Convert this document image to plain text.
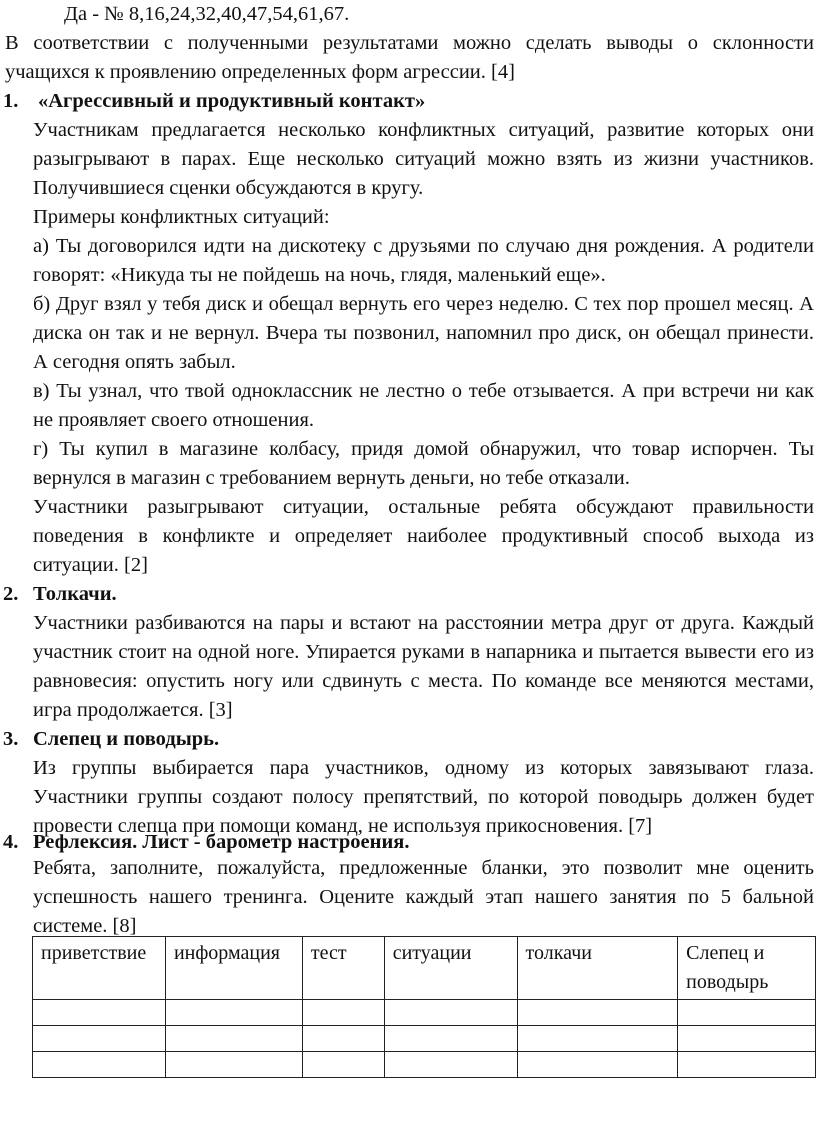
Да - № 8,16,24,32,40,47,54,61,67.

В соответствии с полученными результатами можно сделать выводы о склонности учащихся к проявлению определенных форм агрессии. [4]

1. «Агрессивный и продуктивный контакт»

Участникам предлагается несколько конфликтных ситуаций, развитие которых они разыгрывают в парах. Еще несколько ситуаций можно взять из жизни участников. Получившиеся сценки обсуждаются в кругу.

Примеры конфликтных ситуаций:

а) Ты договорился идти на дискотеку с друзьями по случаю дня рождения. А родители говорят: «Никуда ты не пойдешь на ночь, глядя, маленький еще».

б) Друг взял у тебя диск и обещал вернуть его через неделю. С тех пор прошел месяц. А диска он так и не вернул. Вчера ты позвонил, напомнил про диск, он обещал принести. А сегодня опять забыл.

в) Ты узнал, что твой одноклассник не лестно о тебе отзывается. А при встречи ни как не проявляет своего отношения.

г) Ты купил в магазине колбасу, придя домой обнаружил, что товар испорчен. Ты вернулся в магазин с требованием вернуть деньги, но тебе отказали.

Участники разыгрывают ситуации, остальные ребята обсуждают правильности поведения в конфликте и определяет наиболее продуктивный способ выхода из ситуации. [2]

2. Толкачи.

Участники разбиваются на пары и встают на расстоянии метра друг от друга. Каждый участник стоит на одной ноге. Упирается руками в напарника и пытается вывести его из равновесия: опустить ногу или сдвинуть с места. По команде все меняются местами, игра продолжается. [3]

3. Слепец и поводырь.

Из группы выбирается пара участников, одному из которых завязывают глаза. Участники группы создают полосу препятствий, по которой поводырь должен будет провести слепца при помощи команд, не используя прикосновения. [7]

4. Рефлексия. Лист - барометр настроения.

Ребята, заполните, пожалуйста, предложенные бланки, это позволит мне оценить успешность нашего тренинга. Оцените каждый этап нашего занятия по 5 бальной системе. [8]

приветствие	информация	тест	ситуации	толкачи	Слепец и поводырь
